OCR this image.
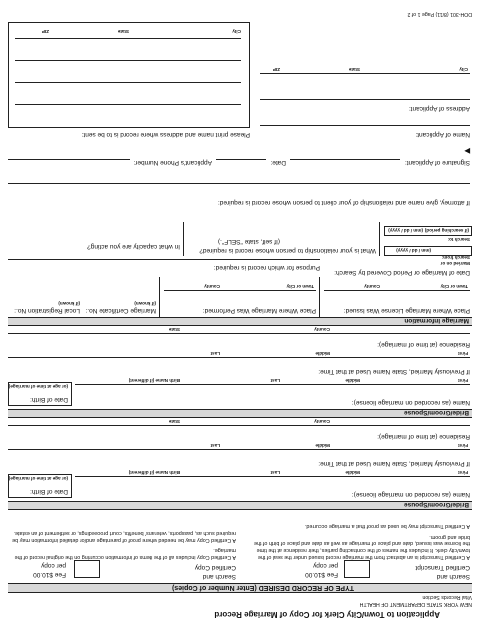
Application to Town/City Clerk for Copy of Marriage Record
NEW YORK STATE DEPARTMENT OF HEALTH
Vital Records Section
TYPE OF RECORD DESIRED (Enter Number of Copies)
Search and
Certified Transcript
Fee $10.00
per copy
A Certified Transcript is an abstract from the marriage record issued under the seal of the town/city clerk. It includes the names of the contracting parties, their residence at the time the license was issued, date and place of marriage as well as date and place of birth of the bride and groom.
A Certified Transcript may be used as proof that a marriage occurred.
Search and
Certified Copy
Fee $10.00
per copy
A Certified Copy includes all of the items of information occurring on the original record of the marriage.
A Certified Copy may be needed where proof of parentage and/or detailed information may be required such as, passports, veterans' benefits, court proceedings, or settlement of an estate.
Bride/Groom/Spouse
Name (as recorded on marriage license):
First
Middle
Last
Birth Name (if different)
Date of Birth:
(or age at time of marriage)
If Previously Married, State Name Used at that Time:
First
Middle
Last
Residence (at time of marriage):
County
State
Bride/Groom/Spouse
Name (as recorded on marriage license):
First
Middle
Last
Birth Name (if different)
Date of Birth:
(or age at time of marriage)
If Previously Married, State Name Used at that Time:
First
Middle
Last
Residence (at time of marriage):
County
State
Marriage Information
Place Where Marriage License Was Issued:
Town or City
County
Place Where Marriage Was Performed:
Town or City
County
Marriage Certificate No.:
(if known)
Local Registration No.:
(if known)
Date of Marriage or Period Covered by Search:
Married on or
Search from:
(mm / dd / yyyy)
Purpose for which record is required:
Search to:
(if searching period)
(mm / dd / yyyy)
What is your relationship to person whose record is required?
(If self, state "SELF".)
In what capacity are you acting?
If attorney, give name and relationship of your client to person whose record is required:
Signature of Applicant:
▶
Date:
Applicant's Phone Number:
Name of Applicant:
Please print name and address where record is to be sent:
Address of Applicant:
City
State
ZIP
City
State
ZIP
DOH-301 (8/11) Page 1 of 2
